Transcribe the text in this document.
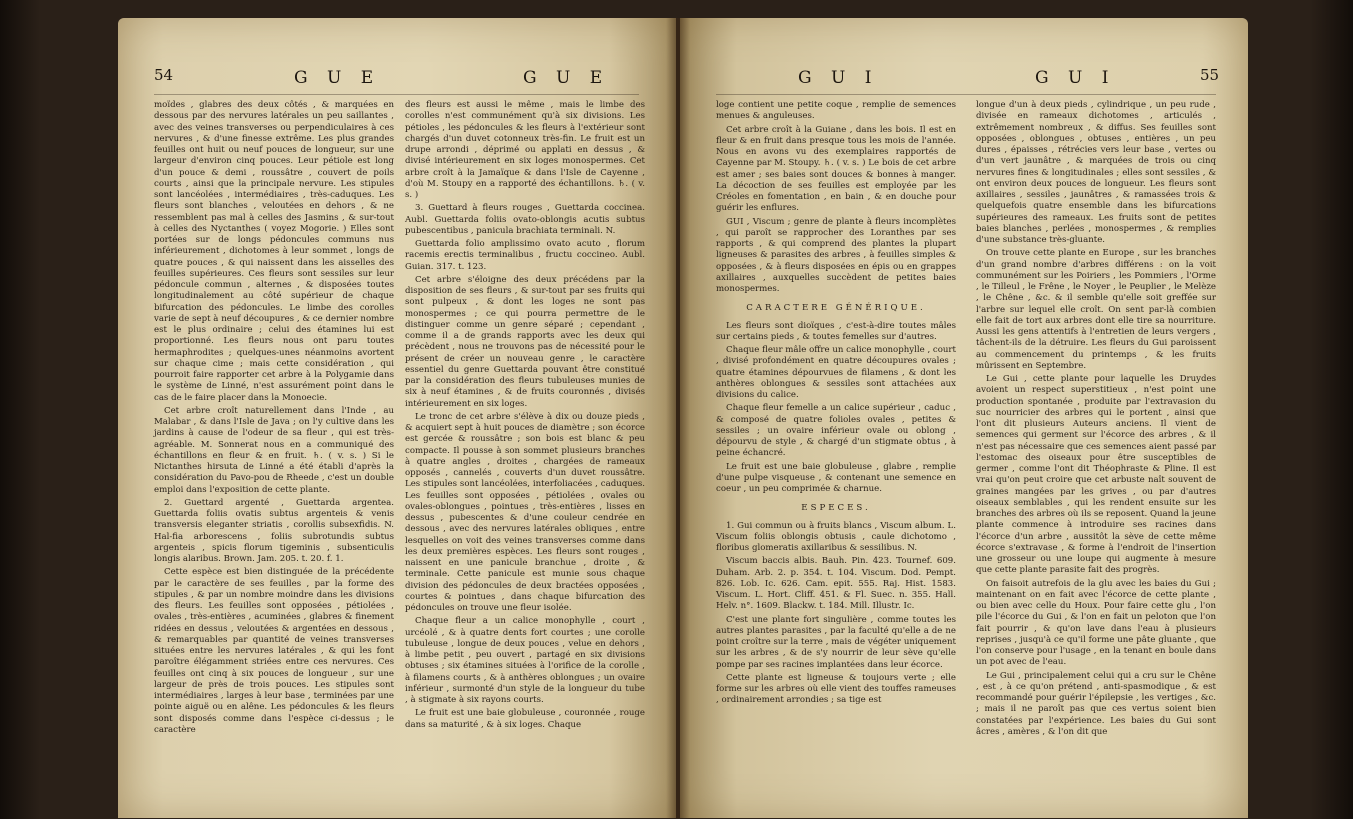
54	G U E	G U E

moïdes , glabres des deux côtés , & marquées en dessous par des nervures latérales un peu saillantes , avec des veines transverses ou perpendiculaires à ces nervures , & d'une finesse extrême. Les plus grandes feuilles ont huit ou neuf pouces de longueur, sur une largeur d'environ cinq pouces. Leur pétiole est long d'un pouce & demi , roussâtre , couvert de poils courts , ainsi que la principale nervure. Les stipules sont lancéolées , intermédiaires , très-caduques. Les fleurs sont blanches , veloutées en dehors , & ne ressemblent pas mal à celles des Jasmins , & sur-tout à celles des Nyctanthes ( voyez Mogorie. ) Elles sont portées sur de longs pédoncules communs nus inférieurement , dichotomes à leur sommet , longs de quatre pouces , & qui naissent dans les aisselles des feuilles supérieures. Ces fleurs sont sessiles sur leur pédoncule commun , alternes , & disposées toutes longitudinalement au côté supérieur de chaque bifurcation des pédoncules. Le limbe des corolles varie de sept à neuf découpures , & ce dernier nombre est le plus ordinaire ; celui des étamines lui est proportionné. Les fleurs nous ont paru toutes hermaphrodites ; quelques-unes néanmoins avortent sur chaque cime ; mais cette considération , qui pourroit faire rapporter cet arbre à la Polygamie dans le système de Linné, n'est assurément point dans le cas de le faire placer dans la Monoecie.

Cet arbre croît naturellement dans l'Inde , au Malabar , & dans l'Isle de Java ; on l'y cultive dans les jardins à cause de l'odeur de sa fleur , qui est très-agréable. M. Sonnerat nous en a communiqué des échantillons en fleur & en fruit. ♄. ( v. s. ) Si le Nictanthes hirsuta de Linné a été établi d'après la considération du Pavo-pou de Rheede , c'est un double emploi dans l'exposition de cette plante.

2. Guettard argenté , Guettarda argentea. Guettarda foliis ovatis subtus argenteis & venis transversis eleganter striatis , corollis subsexfidis. N. Hal-fia arborescens , foliis subrotundis subtus argenteis , spicis florum tigeminis , subsenticulis longis alaribus. Brown. Jam. 205. t. 20. f. 1.

Cette espèce est bien distinguée de la précédente par le caractère de ses feuilles , par la forme des stipules , & par un nombre moindre dans les divisions des fleurs. Les feuilles sont opposées , pétiolées , ovales , très-entières , acuminées , glabres & finement ridées en dessus , veloutées & argentées en dessous , & remarquables par quantité de veines transverses situées entre les nervures latérales , & qui les font paroître élégamment striées entre ces nervures. Ces feuilles ont cinq à six pouces de longueur , sur une largeur de près de trois pouces. Les stipules sont intermédiaires , larges à leur base , terminées par une pointe aiguë ou en alêne. Les pédoncules & les fleurs sont disposés comme dans l'espèce ci-dessus ; le caractère

des fleurs est aussi le même , mais le limbe des corolles n'est communément qu'à six divisions. Les pétioles , les pédoncules & les fleurs à l'extérieur sont chargés d'un duvet cotonneux très-fin. Le fruit est un drupe arrondi , déprimé ou applati en dessus , & divisé intérieurement en six loges monospermes. Cet arbre croît à la Jamaïque & dans l'Isle de Cayenne , d'où M. Stoupy en a rapporté des échantillons. ♄. ( v. s. )

3. Guettard à fleurs rouges , Guettarda coccinea. Aubl. Guettarda foliis ovato-oblongis acutis subtus pubescentibus , panicula brachiata terminali. N.

Guettarda folio amplissimo ovato acuto , florum racemis erectis terminalibus , fructu coccineo. Aubl. Guian. 317. t. 123.

Cet arbre s'éloigne des deux précédens par la disposition de ses fleurs , & sur-tout par ses fruits qui sont pulpeux , & dont les loges ne sont pas monospermes ; ce qui pourra permettre de le distinguer comme un genre séparé ; cependant , comme il a de grands rapports avec les deux qui précèdent , nous ne trouvons pas de nécessité pour le présent de créer un nouveau genre , le caractère essentiel du genre Guettarda pouvant être constitué par la considération des fleurs tubuleuses munies de six à neuf étamines , & de fruits couronnés , divisés intérieurement en six loges.

Le tronc de cet arbre s'élève à dix ou douze pieds , & acquiert sept à huit pouces de diamètre ; son écorce est gercée & roussâtre ; son bois est blanc & peu compacte. Il pousse à son sommet plusieurs branches à quatre angles , droites , chargées de rameaux opposés , cannelés , couverts d'un duvet roussâtre. Les stipules sont lancéolées, interfoliacées , caduques. Les feuilles sont opposées , pétiolées , ovales ou ovales-oblongues , pointues , très-entières , lisses en dessus , pubescentes & d'une couleur cendrée en dessous , avec des nervures latérales obliques , entre lesquelles on voit des veines transverses comme dans les deux premières espèces. Les fleurs sont rouges , naissent en une panicule branchue , droite , & terminale. Cette panicule est munie sous chaque division des pédoncules de deux bractées opposées , courtes & pointues , dans chaque bifurcation des pédoncules on trouve une fleur isolée.

Chaque fleur a un calice monophylle , court , urcéolé , & à quatre dents fort courtes ; une corolle tubuleuse , longue de deux pouces , velue en dehors , à limbe petit , peu ouvert , partagé en six divisions obtuses ; six étamines situées à l'orifice de la corolle , à filamens courts , & à anthères oblongues ; un ovaire inférieur , surmonté d'un style de la longueur du tube , à stigmate à six rayons courts.

Le fruit est une baie globuleuse , couronnée , rouge dans sa maturité , & à six loges. Chaque

G U I	G U I	55

loge contient une petite coque , remplie de semences menues & anguleuses.

Cet arbre croît à la Guiane , dans les bois. Il est en fleur & en fruit dans presque tous les mois de l'année. Nous en avons vu des exemplaires rapportés de Cayenne par M. Stoupy. ♄. ( v. s. ) Le bois de cet arbre est amer ; ses baies sont douces & bonnes à manger. La décoction de ses feuilles est employée par les Créoles en fomentation , en bain , & en douche pour guérir les enflures.

GUI , Viscum ; genre de plante à fleurs incomplètes , qui paroît se rapprocher des Loranthes par ses rapports , & qui comprend des plantes la plupart ligneuses & parasites des arbres , à feuilles simples & opposées , & à fleurs disposées en épis ou en grappes axillaires , auxquelles succèdent de petites baies monospermes.

CARACTERE GÉNÉRIQUE.

Les fleurs sont dioïques , c'est-à-dire toutes mâles sur certains pieds , & toutes femelles sur d'autres.

Chaque fleur mâle offre un calice monophylle , court , divisé profondément en quatre découpures ovales ; quatre étamines dépourvues de filamens , & dont les anthères oblongues & sessiles sont attachées aux divisions du calice.

Chaque fleur femelle a un calice supérieur , caduc , & composé de quatre folioles ovales , petites & sessiles ; un ovaire inférieur ovale ou oblong , dépourvu de style , & chargé d'un stigmate obtus , à peine échancré.

Le fruit est une baie globuleuse , glabre , remplie d'une pulpe visqueuse , & contenant une semence en coeur , un peu comprimée & charnue.

ESPECES.

1. Gui commun ou à fruits blancs , Viscum album. L. Viscum foliis oblongis obtusis , caule dichotomo , floribus glomeratis axillaribus & sessilibus. N.

Viscum baccis albis. Bauh. Pin. 423. Tournef. 609. Duham. Arb. 2. p. 354. t. 104. Viscum. Dod. Pempt. 826. Lob. Ic. 626. Cam. epit. 555. Raj. Hist. 1583. Viscum. L. Hort. Cliff. 451. & Fl. Suec. n. 355. Hall. Helv. n°. 1609. Blackw. t. 184. Mill. Illustr. Ic.

C'est une plante fort singulière , comme toutes les autres plantes parasites , par la faculté qu'elle a de ne point croître sur la terre , mais de végéter uniquement sur les arbres , & de s'y nourrir de leur sève qu'elle pompe par ses racines implantées dans leur écorce.

Cette plante est ligneuse & toujours verte ; elle forme sur les arbres où elle vient des touffes rameuses , ordinairement arrondies ; sa tige est

longue d'un à deux pieds , cylindrique , un peu rude , divisée en rameaux dichotomes , articulés , extrêmement nombreux , & diffus. Ses feuilles sont opposées , oblongues , obtuses , entières , un peu dures , épaisses , rétrécies vers leur base , vertes ou d'un vert jaunâtre , & marquées de trois ou cinq nervures fines & longitudinales ; elles sont sessiles , & ont environ deux pouces de longueur. Les fleurs sont axillaires , sessiles , jaunâtres , & ramassées trois & quelquefois quatre ensemble dans les bifurcations supérieures des rameaux. Les fruits sont de petites baies blanches , perlées , monospermes , & remplies d'une substance très-gluante.

On trouve cette plante en Europe , sur les branches d'un grand nombre d'arbres différens : on la voit communément sur les Poiriers , les Pommiers , l'Orme , le Tilleul , le Frêne , le Noyer , le Peuplier , le Melèze , le Chêne , &c. & il semble qu'elle soit greffée sur l'arbre sur lequel elle croît. On sent par-là combien elle fait de tort aux arbres dont elle tire sa nourriture. Aussi les gens attentifs à l'entretien de leurs vergers , tâchent-ils de la détruire. Les fleurs du Gui paroissent au commencement du printemps , & les fruits mûrissent en Septembre.

Le Gui , cette plante pour laquelle les Druydes avoient un respect superstitieux , n'est point une production spontanée , produite par l'extravasion du suc nourricier des arbres qui le portent , ainsi que l'ont dit plusieurs Auteurs anciens. Il vient de semences qui germent sur l'écorce des arbres , & il n'est pas nécessaire que ces semences aient passé par l'estomac des oiseaux pour être susceptibles de germer , comme l'ont dit Théophraste & Pline. Il est vrai qu'on peut croire que cet arbuste naît souvent de graines mangées par les grives , ou par d'autres oiseaux semblables , qui les rendent ensuite sur les branches des arbres où ils se reposent. Quand la jeune plante commence à introduire ses racines dans l'écorce d'un arbre , aussitôt la sève de cette même écorce s'extravase , & forme à l'endroit de l'insertion une grosseur ou une loupe qui augmente à mesure que cette plante parasite fait des progrès.

On faisoit autrefois de la glu avec les baies du Gui ; maintenant on en fait avec l'écorce de cette plante , ou bien avec celle du Houx. Pour faire cette glu , l'on pile l'écorce du Gui , & l'on en fait un peloton que l'on fait pourrir , & qu'on lave dans l'eau à plusieurs reprises , jusqu'à ce qu'il forme une pâte gluante , que l'on conserve pour l'usage , en la tenant en boule dans un pot avec de l'eau.

Le Gui , principalement celui qui a cru sur le Chêne , est , à ce qu'on prétend , anti-spasmodique , & est recommandé pour guérir l'épilepsie , les vertiges , &c. ; mais il ne paroît pas que ces vertus soient bien constatées par l'expérience. Les baies du Gui sont âcres , amères , & l'on dit que
